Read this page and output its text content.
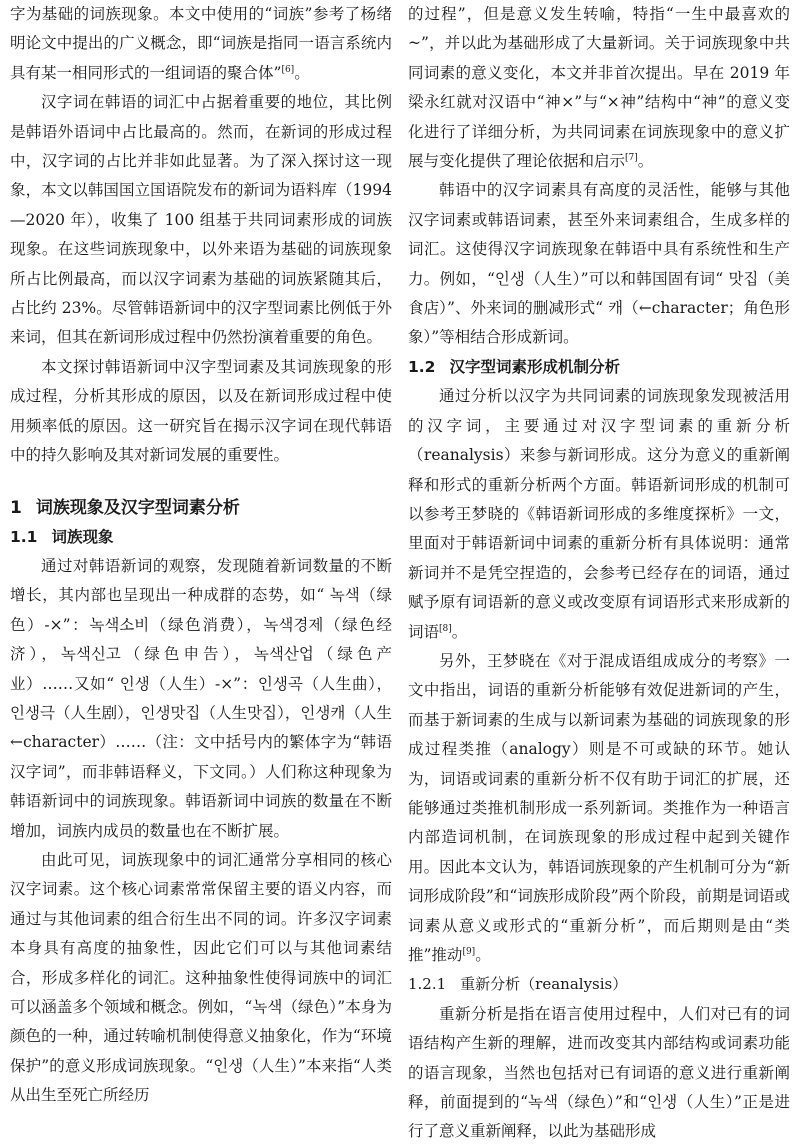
字为基础的词族现象。本文中使用的“词族”参考了杨绪明论文中提出的广义概念，即“词族是指同一语言系统内具有某一相同形式的一组词语的聚合体”[6]。

汉字词在韩语的词汇中占据着重要的地位，其比例是韩语外语词中占比最高的。然而，在新词的形成过程中，汉字词的占比并非如此显著。为了深入探讨这一现象，本文以韩国国立国语院发布的新词为语料库（1994—2020 年），收集了 100 组基于共同词素形成的词族现象。在这些词族现象中，以外来语为基础的词族现象所占比例最高，而以汉字词素为基础的词族紧随其后，占比约 23%。尽管韩语新词中的汉字型词素比例低于外来词，但其在新词形成过程中仍然扮演着重要的角色。

本文探讨韩语新词中汉字型词素及其词族现象的形成过程，分析其形成的原因，以及在新词形成过程中使用频率低的原因。这一研究旨在揭示汉字词在现代韩语中的持久影响及其对新词发展的重要性。

1 词族现象及汉字型词素分析
1.1 词族现象

通过对韩语新词的观察，发现随着新词数量的不断增长，其内部也呈现出一种成群的态势，如“ 녹색（绿色）-×”：녹색소비（绿色消费），녹색경제（绿色经济），녹색신고（绿色申告），녹색산업（绿色产业）……又如“ 인생（人生）-×”：인생곡（人生曲），인생극（人生剧），인생맛집（人生맛집），인생캐（人生←character）……（注：文中括号内的繁体字为“韩语汉字词”，而非韩语释义，下文同。）人们称这种现象为韩语新词中的词族现象。韩语新词中词族的数量在不断增加，词族内成员的数量也在不断扩展。

由此可见，词族现象中的词汇通常分享相同的核心汉字词素。这个核心词素常常保留主要的语义内容，而通过与其他词素的组合衍生出不同的词。许多汉字词素本身具有高度的抽象性，因此它们可以与其他词素结合，形成多样化的词汇。这种抽象性使得词族中的词汇可以涵盖多个领域和概念。例如，“녹색（绿色）”本身为颜色的一种，通过转喻机制使得意义抽象化，作为“环境保护”的意义形成词族现象。“인생（人生）”本来指“人类从出生至死亡所经历

的过程”，但是意义发生转喻，特指“一生中最喜欢的~”，并以此为基础形成了大量新词。关于词族现象中共同词素的意义变化，本文并非首次提出。早在 2019 年梁永红就对汉语中“神×”与“×神”结构中“神”的意义变化进行了详细分析，为共同词素在词族现象中的意义扩展与变化提供了理论依据和启示[7]。

韩语中的汉字词素具有高度的灵活性，能够与其他汉字词素或韩语词素，甚至外来词素组合，生成多样的词汇。这使得汉字词族现象在韩语中具有系统性和生产力。例如，“인생（人生）”可以和韩国固有词“ 맛집（美食店）”、外来词的删减形式“ 캐（←character；角色形象）”等相结合形成新词。

1.2 汉字型词素形成机制分析

通过分析以汉字为共同词素的词族现象发现被活用的汉字词，主要通过对汉字型词素的重新分析（reanalysis）来参与新词形成。这分为意义的重新阐释和形式的重新分析两个方面。韩语新词形成的机制可以参考王梦晓的《韩语新词形成的多维度探析》一文，里面对于韩语新词中词素的重新分析有具体说明：通常新词并不是凭空捏造的，会参考已经存在的词语，通过赋予原有词语新的意义或改变原有词语形式来形成新的词语[8]。

另外，王梦晓在《对于混成语组成成分的考察》一文中指出，词语的重新分析能够有效促进新词的产生，而基于新词素的生成与以新词素为基础的词族现象的形成过程类推（analogy）则是不可或缺的环节。她认为，词语或词素的重新分析不仅有助于词汇的扩展，还能够通过类推机制形成一系列新词。类推作为一种语言内部造词机制，在词族现象的形成过程中起到关键作用。因此本文认为，韩语词族现象的产生机制可分为“新词形成阶段”和“词族形成阶段”两个阶段，前期是词语或词素从意义或形式的“重新分析”，而后期则是由“类推”推动[9]。

1.2.1 重新分析（reanalysis）

重新分析是指在语言使用过程中，人们对已有的词语结构产生新的理解，进而改变其内部结构或词素功能的语言现象，当然也包括对已有词语的意义进行重新阐释，前面提到的“녹색（绿色）”和“인생（人生）”正是进行了意义重新阐释，以此为基础形成
